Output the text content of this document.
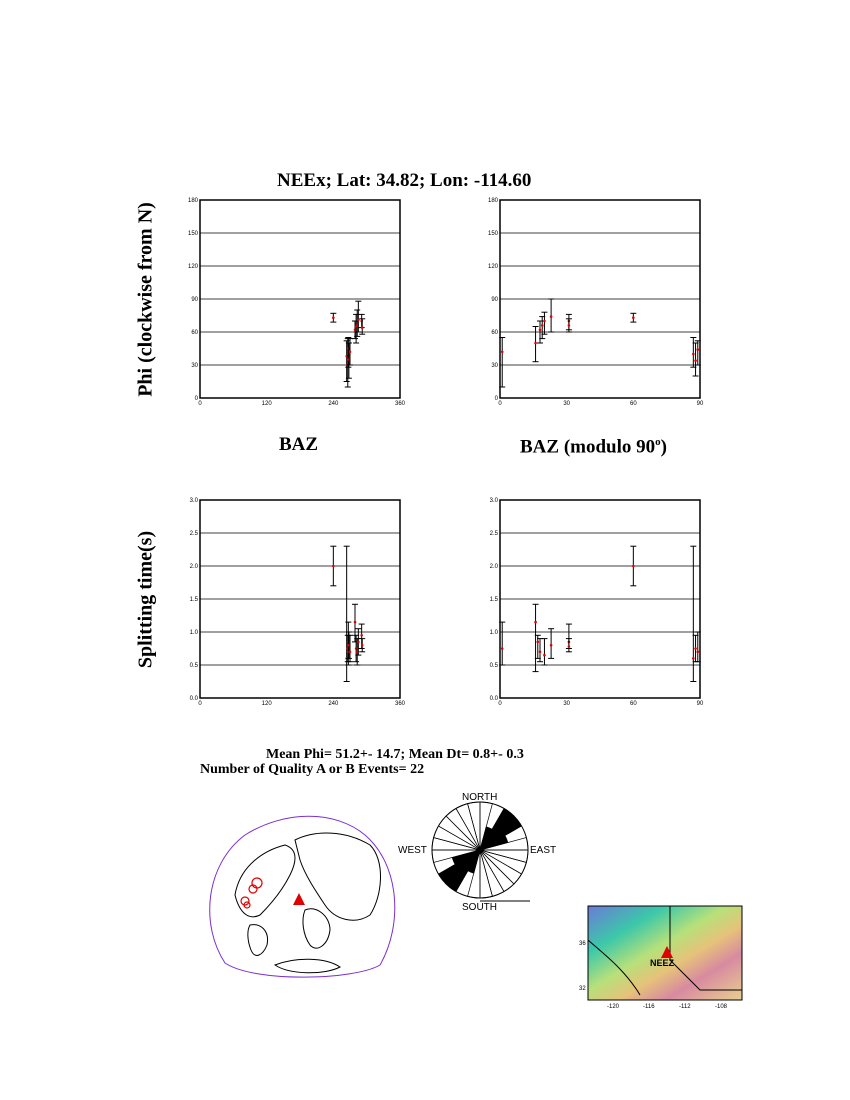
NEEx; Lat: 34.82; Lon: -114.60
Phi (clockwise from N)
Splitting time(s)
BAZ	BAZ (modulo 90$^o$)
0
30
60
90
120
150
180
0	120	240	360
0
30
60
90
120
150
180
0	30	60	90
0.0
0.5
1.0
1.5
2.0
2.5
3.0
0	120	240	360
0.0
0.5
1.0
1.5
2.0
2.5
3.0
0	30	60	90
Mean Phi= 51.2+- 14.7; Mean Dt= 0.8+- 0.3
Number of Quality A or B Events= 22
NORTH
SOUTH
EAST
WEST
NEEZ
36
32
-120	-116	-112	-108
